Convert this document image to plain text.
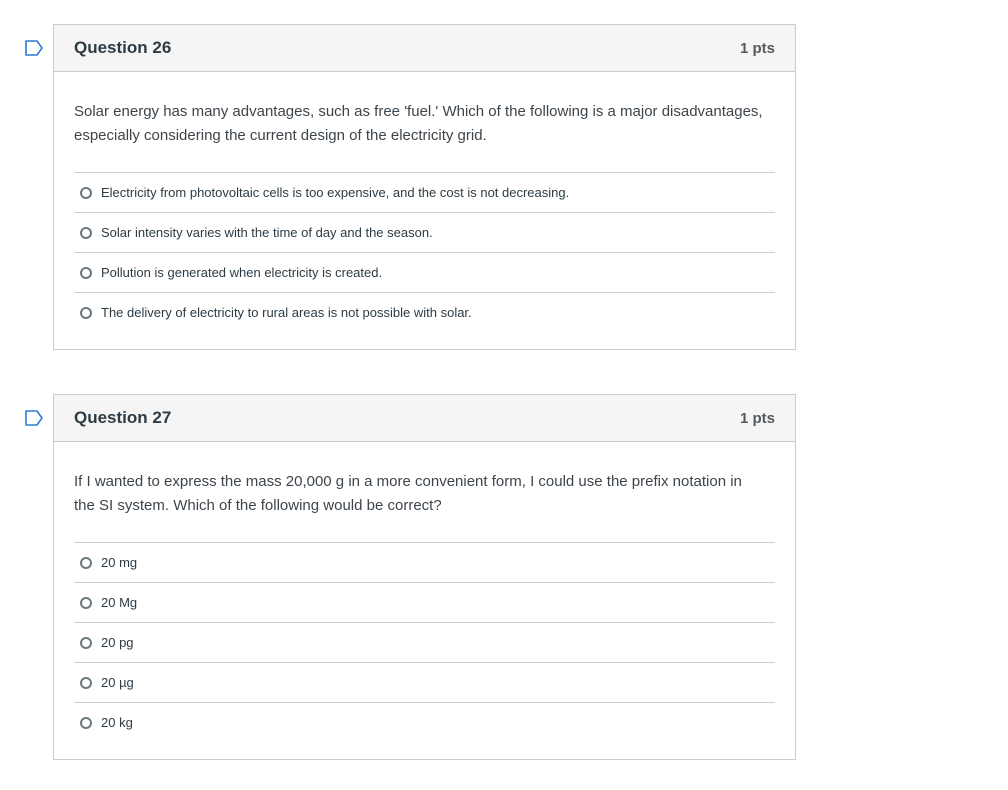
Question 26	1 pts

Solar energy has many advantages, such as free 'fuel.' Which of the following is a major disadvantages, especially considering the current design of the electricity grid.

Electricity from photovoltaic cells is too expensive, and the cost is not decreasing.
Solar intensity varies with the time of day and the season.
Pollution is generated when electricity is created.
The delivery of electricity to rural areas is not possible with solar.
Question 27	1 pts

If I wanted to express the mass 20,000 g in a more convenient form, I could use the prefix notation in the SI system. Which of the following would be correct?

20 mg
20 Mg
20 pg
20 µg
20 kg
